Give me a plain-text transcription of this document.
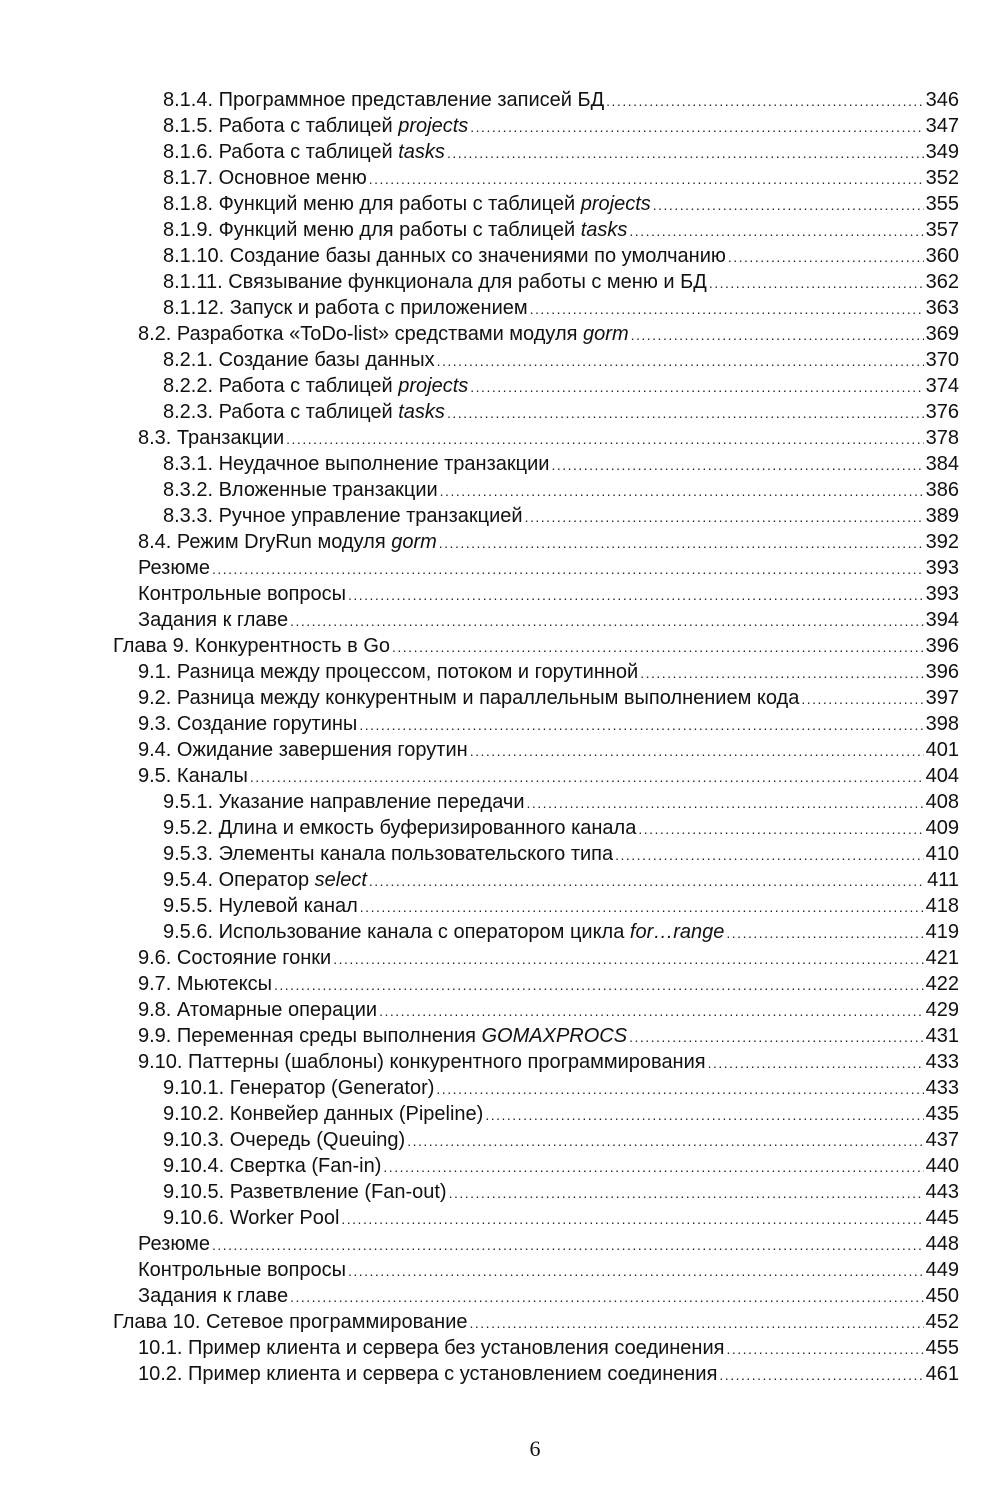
8.1.4. Программное представление записей БД .....	346
8.1.5. Работа с таблицей projects .....	347
8.1.6. Работа с таблицей tasks .....	349
8.1.7. Основное меню .....	352
8.1.8. Функций меню для работы с таблицей projects .....	355
8.1.9. Функций меню для работы с таблицей tasks .....	357
8.1.10. Создание базы данных со значениями по умолчанию .....	360
8.1.11. Связывание функционала для работы с меню и БД .....	362
8.1.12. Запуск и работа с приложением .....	363
8.2. Разработка «ToDo-list» средствами модуля gorm .....	369
8.2.1. Создание базы данных .....	370
8.2.2. Работа с таблицей projects .....	374
8.2.3. Работа с таблицей tasks .....	376
8.3. Транзакции .....	378
8.3.1. Неудачное выполнение транзакции .....	384
8.3.2. Вложенные транзакции .....	386
8.3.3. Ручное управление транзакцией .....	389
8.4. Режим DryRun модуля gorm .....	392
Резюме .....	393
Контрольные вопросы .....	393
Задания к главе .....	394
Глава 9. Конкурентность в Go .....	396
9.1. Разница между процессом, потоком и горутинной .....	396
9.2. Разница между конкурентным и параллельным выполнением кода .....	397
9.3. Создание горутины .....	398
9.4. Ожидание завершения горутин .....	401
9.5. Каналы .....	404
9.5.1. Указание направление передачи .....	408
9.5.2. Длина и емкость буферизированного канала .....	409
9.5.3. Элементы канала пользовательского типа .....	410
9.5.4. Оператор select .....	411
9.5.5. Нулевой канал .....	418
9.5.6. Использование канала с оператором цикла for…range .....	419
9.6. Состояние гонки .....	421
9.7. Мьютексы .....	422
9.8. Атомарные операции .....	429
9.9. Переменная среды выполнения GOMAXPROCS .....	431
9.10. Паттерны (шаблоны) конкурентного программирования .....	433
9.10.1. Генератор (Generator) .....	433
9.10.2. Конвейер данных (Pipeline) .....	435
9.10.3. Очередь (Queuing) .....	437
9.10.4. Свертка (Fan-in) .....	440
9.10.5. Разветвление (Fan-out) .....	443
9.10.6. Worker Pool .....	445
Резюме .....	448
Контрольные вопросы .....	449
Задания к главе .....	450
Глава 10. Сетевое программирование .....	452
10.1. Пример клиента и сервера без установления соединения .....	455
10.2. Пример клиента и сервера с установлением соединения .....	461
6
